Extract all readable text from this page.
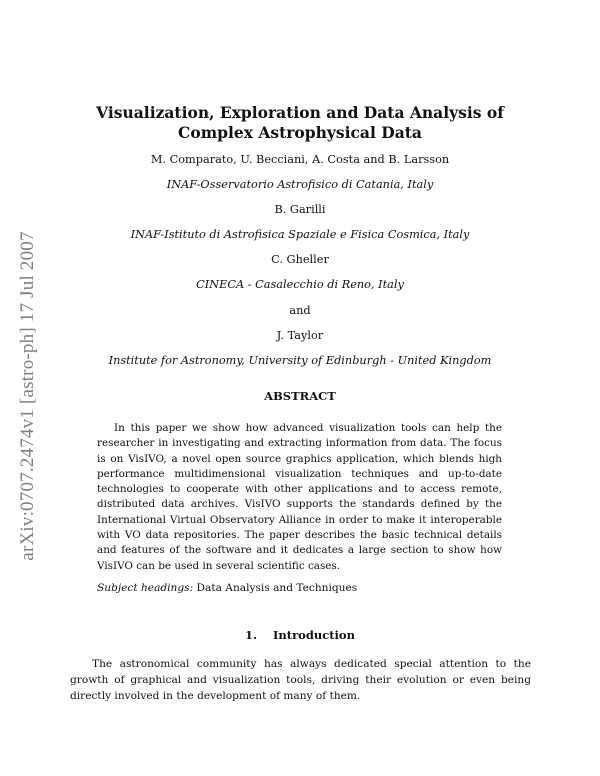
arXiv:0707.2474v1 [astro-ph] 17 Jul 2007
Visualization, Exploration and Data Analysis of Complex Astrophysical Data
M. Comparato, U. Becciani, A. Costa and B. Larsson
INAF-Osservatorio Astrofisico di Catania, Italy
B. Garilli
INAF-Istituto di Astrofisica Spaziale e Fisica Cosmica, Italy
C. Gheller
CINECA - Casalecchio di Reno, Italy
and
J. Taylor
Institute for Astronomy, University of Edinburgh - United Kingdom
ABSTRACT

In this paper we show how advanced visualization tools can help the researcher in investigating and extracting information from data. The focus is on VisIVO, a novel open source graphics application, which blends high performance multidimensional visualization techniques and up-to-date technologies to cooperate with other applications and to access remote, distributed data archives. VisIVO supports the standards defined by the International Virtual Observatory Alliance in order to make it interoperable with VO data repositories. The paper describes the basic technical details and features of the software and it dedicates a large section to show how VisIVO can be used in several scientific cases.

Subject headings: Data Analysis and Techniques
1.    Introduction

The astronomical community has always dedicated special attention to the growth of graphical and visualization tools, driving their evolution or even being directly involved in the development of many of them.
